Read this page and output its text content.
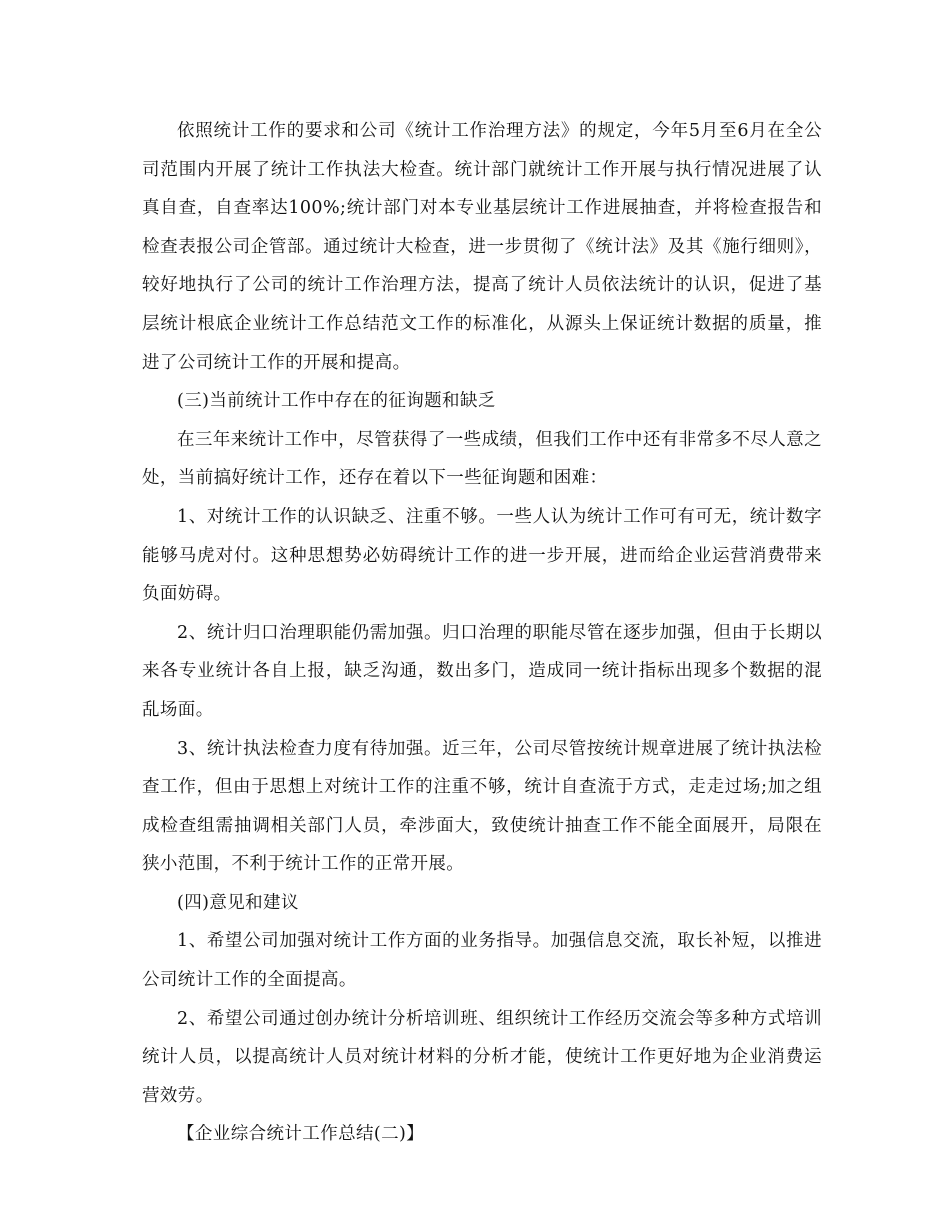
依照统计工作的要求和公司《统计工作治理方法》的规定，今年5月至6月在全公司范围内开展了统计工作执法大检查。统计部门就统计工作开展与执行情况进展了认真自查，自查率达100%;统计部门对本专业基层统计工作进展抽查，并将检查报告和检查表报公司企管部。通过统计大检查，进一步贯彻了《统计法》及其《施行细则》，较好地执行了公司的统计工作治理方法，提高了统计人员依法统计的认识，促进了基层统计根底企业统计工作总结范文工作的标准化，从源头上保证统计数据的质量，推进了公司统计工作的开展和提高。

(三)当前统计工作中存在的征询题和缺乏

在三年来统计工作中，尽管获得了一些成绩，但我们工作中还有非常多不尽人意之处，当前搞好统计工作，还存在着以下一些征询题和困难：

1、对统计工作的认识缺乏、注重不够。一些人认为统计工作可有可无，统计数字能够马虎对付。这种思想势必妨碍统计工作的进一步开展，进而给企业运营消费带来负面妨碍。

2、统计归口治理职能仍需加强。归口治理的职能尽管在逐步加强，但由于长期以来各专业统计各自上报，缺乏沟通，数出多门，造成同一统计指标出现多个数据的混乱场面。

3、统计执法检查力度有待加强。近三年，公司尽管按统计规章进展了统计执法检查工作，但由于思想上对统计工作的注重不够，统计自查流于方式，走走过场;加之组成检查组需抽调相关部门人员，牵涉面大，致使统计抽查工作不能全面展开，局限在狭小范围，不利于统计工作的正常开展。

(四)意见和建议

1、希望公司加强对统计工作方面的业务指导。加强信息交流，取长补短，以推进公司统计工作的全面提高。

2、希望公司通过创办统计分析培训班、组织统计工作经历交流会等多种方式培训统计人员，以提高统计人员对统计材料的分析才能，使统计工作更好地为企业消费运营效劳。

【企业综合统计工作总结(二)】
